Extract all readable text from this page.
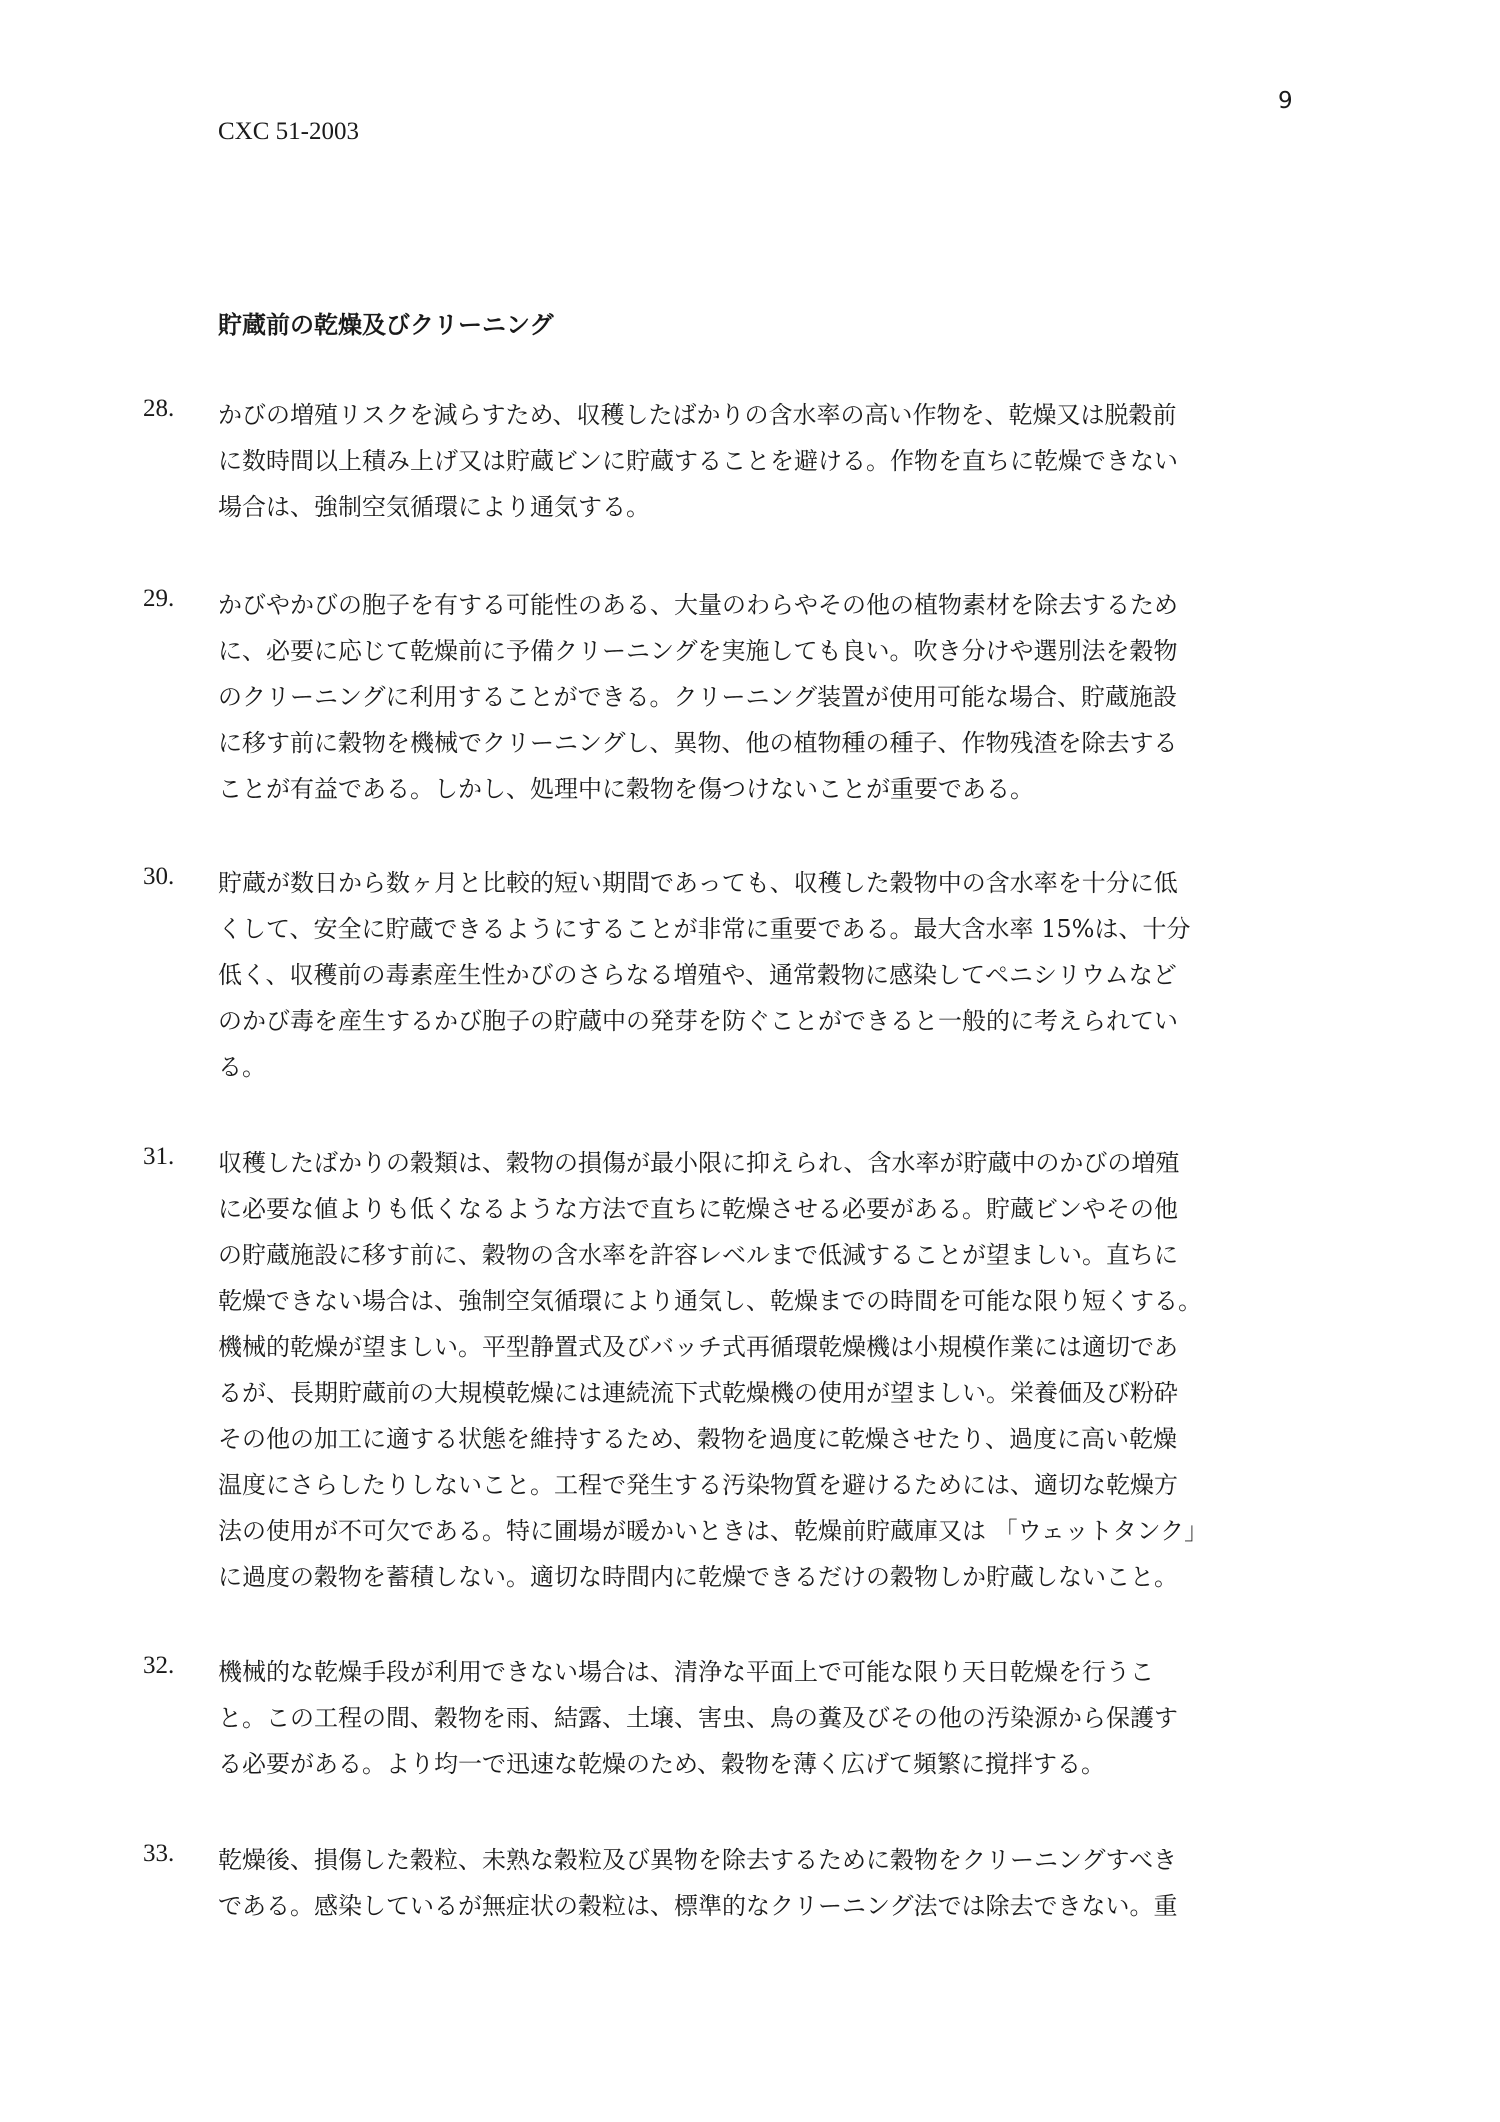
9
CXC 51-2003
貯蔵前の乾燥及びクリーニング
28. かびの増殖リスクを減らすため、収穫したばかりの含水率の高い作物を、乾燥又は脱穀前
に数時間以上積み上げ又は貯蔵ビンに貯蔵することを避ける。作物を直ちに乾燥できない
場合は、強制空気循環により通気する。
29. かびやかびの胞子を有する可能性のある、大量のわらやその他の植物素材を除去するため
に、必要に応じて乾燥前に予備クリーニングを実施しても良い。吹き分けや選別法を穀物
のクリーニングに利用することができる。クリーニング装置が使用可能な場合、貯蔵施設
に移す前に穀物を機械でクリーニングし、異物、他の植物種の種子、作物残渣を除去する
ことが有益である。しかし、処理中に穀物を傷つけないことが重要である。
30. 貯蔵が数日から数ヶ月と比較的短い期間であっても、収穫した穀物中の含水率を十分に低
くして、安全に貯蔵できるようにすることが非常に重要である。最大含水率 15%は、十分
低く、収穫前の毒素産生性かびのさらなる増殖や、通常穀物に感染してペニシリウムなど
のかび毒を産生するかび胞子の貯蔵中の発芽を防ぐことができると一般的に考えられてい
る。
31. 収穫したばかりの穀類は、穀物の損傷が最小限に抑えられ、含水率が貯蔵中のかびの増殖
に必要な値よりも低くなるような方法で直ちに乾燥させる必要がある。貯蔵ビンやその他
の貯蔵施設に移す前に、穀物の含水率を許容レベルまで低減することが望ましい。直ちに
乾燥できない場合は、強制空気循環により通気し、乾燥までの時間を可能な限り短くする。
機械的乾燥が望ましい。平型静置式及びバッチ式再循環乾燥機は小規模作業には適切であ
るが、長期貯蔵前の大規模乾燥には連続流下式乾燥機の使用が望ましい。栄養価及び粉砕
その他の加工に適する状態を維持するため、穀物を過度に乾燥させたり、過度に高い乾燥
温度にさらしたりしないこと。工程で発生する汚染物質を避けるためには、適切な乾燥方
法の使用が不可欠である。特に圃場が暖かいときは、乾燥前貯蔵庫又は 「ウェットタンク」
に過度の穀物を蓄積しない。適切な時間内に乾燥できるだけの穀物しか貯蔵しないこと。
32. 機械的な乾燥手段が利用できない場合は、清浄な平面上で可能な限り天日乾燥を行うこ
と。この工程の間、穀物を雨、結露、土壌、害虫、鳥の糞及びその他の汚染源から保護す
る必要がある。より均一で迅速な乾燥のため、穀物を薄く広げて頻繁に撹拌する。
33. 乾燥後、損傷した穀粒、未熟な穀粒及び異物を除去するために穀物をクリーニングすべき
である。感染しているが無症状の穀粒は、標準的なクリーニング法では除去できない。重
